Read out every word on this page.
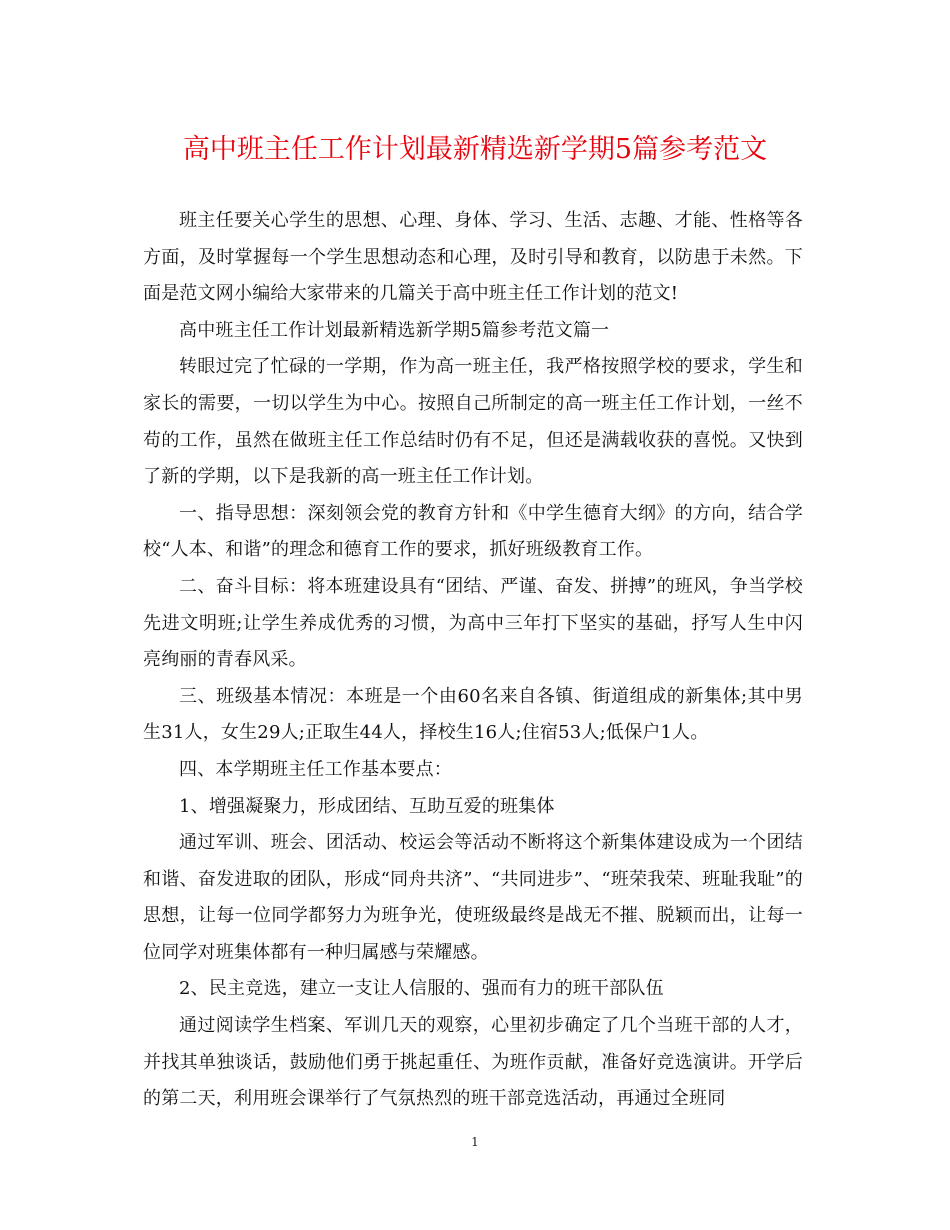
高中班主任工作计划最新精选新学期5篇参考范文

班主任要关心学生的思想、心理、身体、学习、生活、志趣、才能、性格等各方面，及时掌握每一个学生思想动态和心理，及时引导和教育，以防患于未然。下面是范文网小编给大家带来的几篇关于高中班主任工作计划的范文!

高中班主任工作计划最新精选新学期5篇参考范文篇一

转眼过完了忙碌的一学期，作为高一班主任，我严格按照学校的要求，学生和家长的需要，一切以学生为中心。按照自己所制定的高一班主任工作计划，一丝不苟的工作，虽然在做班主任工作总结时仍有不足，但还是满载收获的喜悦。又快到了新的学期，以下是我新的高一班主任工作计划。

一、指导思想：深刻领会党的教育方针和《中学生德育大纲》的方向，结合学校“人本、和谐”的理念和德育工作的要求，抓好班级教育工作。

二、奋斗目标：将本班建设具有“团结、严谨、奋发、拼搏”的班风，争当学校先进文明班;让学生养成优秀的习惯，为高中三年打下坚实的基础，抒写人生中闪亮绚丽的青春风采。

三、班级基本情况：本班是一个由60名来自各镇、街道组成的新集体;其中男生31人，女生29人;正取生44人，择校生16人;住宿53人;低保户1人。

四、本学期班主任工作基本要点：

1、增强凝聚力，形成团结、互助互爱的班集体

通过军训、班会、团活动、校运会等活动不断将这个新集体建设成为一个团结和谐、奋发进取的团队，形成“同舟共济”、“共同进步”、“班荣我荣、班耻我耻”的思想，让每一位同学都努力为班争光，使班级最终是战无不摧、脱颖而出，让每一位同学对班集体都有一种归属感与荣耀感。

2、民主竞选，建立一支让人信服的、强而有力的班干部队伍

通过阅读学生档案、军训几天的观察，心里初步确定了几个当班干部的人才，并找其单独谈话，鼓励他们勇于挑起重任、为班作贡献，准备好竞选演讲。开学后的第二天，利用班会课举行了气氛热烈的班干部竞选活动，再通过全班同

1
